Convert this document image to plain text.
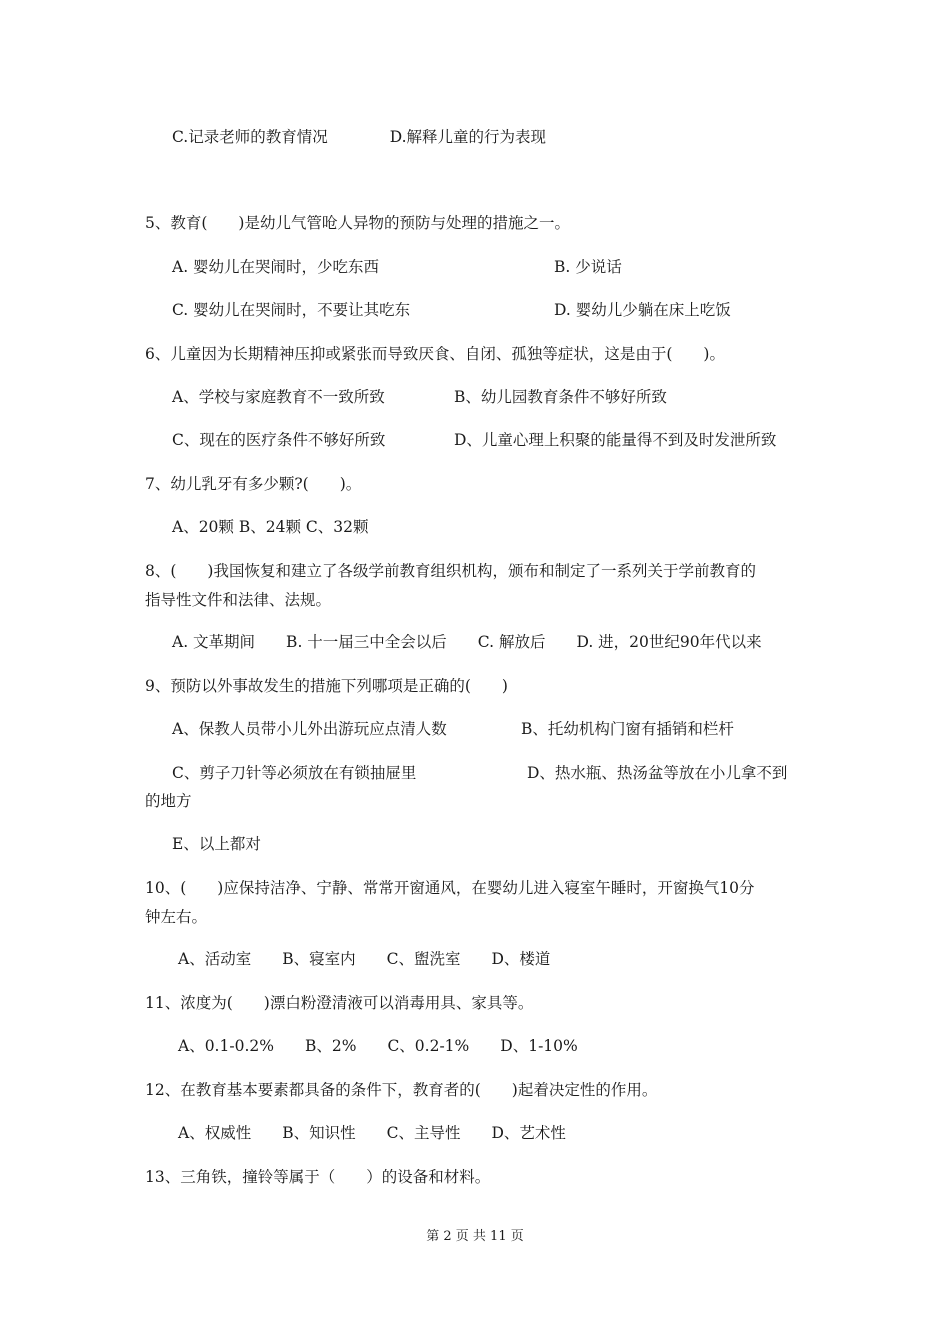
C.记录老师的教育情况　　　　D.解释儿童的行为表现

5、教育(　　)是幼儿气管呛人异物的预防与处理的措施之一。

A. 婴幼儿在哭闹时，少吃东西	B. 少说话

C. 婴幼儿在哭闹时，不要让其吃东	D. 婴幼儿少躺在床上吃饭

6、儿童因为长期精神压抑或紧张而导致厌食、自闭、孤独等症状，这是由于(　　)。

A、学校与家庭教育不一致所致	B、幼儿园教育条件不够好所致

C、现在的医疗条件不够好所致	D、儿童心理上积聚的能量得不到及时发泄所致

7、幼儿乳牙有多少颗?(　　)。

A、20颗 B、24颗 C、32颗

8、(　　)我国恢复和建立了各级学前教育组织机构，颁布和制定了一系列关于学前教育的

指导性文件和法律、法规。

A. 文革期间　　B. 十一届三中全会以后　　C. 解放后　　D. 进，20世纪90年代以来

9、预防以外事故发生的措施下列哪项是正确的(　　)

A、保教人员带小儿外出游玩应点清人数	B、托幼机构门窗有插销和栏杆

C、剪子刀针等必须放在有锁抽屉里	D、热水瓶、热汤盆等放在小儿拿不到

的地方

E、以上都对

10、(　　)应保持洁净、宁静、常常开窗通风，在婴幼儿进入寝室午睡时，开窗换气10分

钟左右。

A、活动室　　B、寝室内　　C、盥洗室　　D、楼道

11、浓度为(　　)漂白粉澄清液可以消毒用具、家具等。

A、0.1-0.2%　　B、2%　　C、0.2-1%　　D、1-10%

12、在教育基本要素都具备的条件下，教育者的(　　)起着决定性的作用。

A、权威性　　B、知识性　　C、主导性　　D、艺术性

13、三角铁，撞铃等属于（　　）的设备和材料。

第 2 页 共 11 页
